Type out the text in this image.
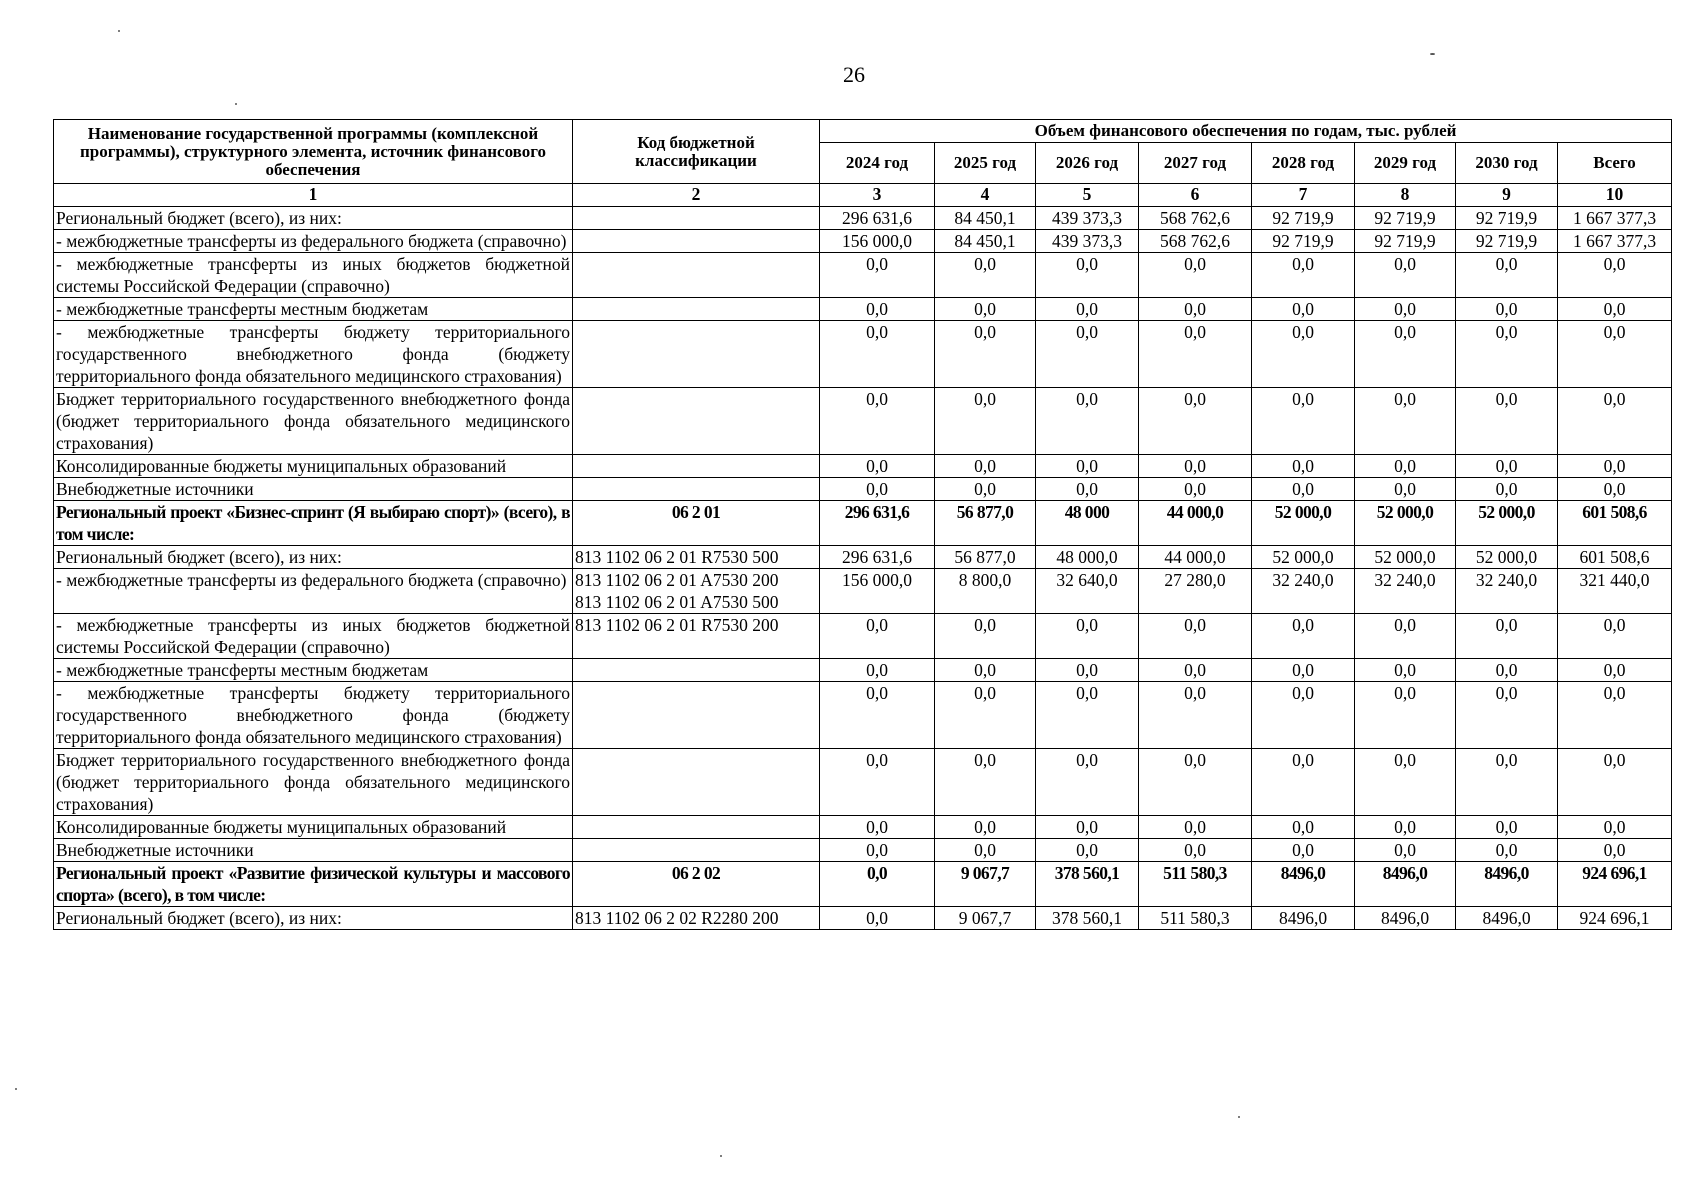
26
Наименование государственной программы (комплексной программы), структурного элемента, источник финансового обеспечения	Код бюджетной классификации	Объем финансового обеспечения по годам, тыс. рублей							
		2024 год	2025 год	2026 год	2027 год	2028 год	2029 год	2030 год	Всего
1	2	3	4	5	6	7	8	9	10
Региональный бюджет (всего), из них:		296 631,6	84 450,1	439 373,3	568 762,6	92 719,9	92 719,9	92 719,9	1 667 377,3
- межбюджетные трансферты из федерального бюджета (справочно)		156 000,0	84 450,1	439 373,3	568 762,6	92 719,9	92 719,9	92 719,9	1 667 377,3
- межбюджетные трансферты из иных бюджетов бюджетной системы Российской Федерации (справочно)		0,0	0,0	0,0	0,0	0,0	0,0	0,0	0,0
- межбюджетные трансферты местным бюджетам		0,0	0,0	0,0	0,0	0,0	0,0	0,0	0,0
- межбюджетные трансферты бюджету территориального государственного внебюджетного фонда (бюджету территориального фонда обязательного медицинского страхования)		0,0	0,0	0,0	0,0	0,0	0,0	0,0	0,0
Бюджет территориального государственного внебюджетного фонда (бюджет территориального фонда обязательного медицинского страхования)		0,0	0,0	0,0	0,0	0,0	0,0	0,0	0,0
Консолидированные бюджеты муниципальных образований		0,0	0,0	0,0	0,0	0,0	0,0	0,0	0,0
Внебюджетные источники		0,0	0,0	0,0	0,0	0,0	0,0	0,0	0,0
Региональный проект «Бизнес-спринт (Я выбираю спорт)» (всего), в том числе:	06 2 01	296 631,6	56 877,0	48 000	44 000,0	52 000,0	52 000,0	52 000,0	601 508,6
Региональный бюджет (всего), из них:	813 1102 06 2 01 R7530 500	296 631,6	56 877,0	48 000,0	44 000,0	52 000,0	52 000,0	52 000,0	601 508,6
- межбюджетные трансферты из федерального бюджета (справочно)	813 1102 06 2 01 A7530 200
813 1102 06 2 01 A7530 500	156 000,0	8 800,0	32 640,0	27 280,0	32 240,0	32 240,0	32 240,0	321 440,0
- межбюджетные трансферты из иных бюджетов бюджетной системы Российской Федерации (справочно)	813 1102 06 2 01 R7530 200	0,0	0,0	0,0	0,0	0,0	0,0	0,0	0,0
- межбюджетные трансферты местным бюджетам		0,0	0,0	0,0	0,0	0,0	0,0	0,0	0,0
- межбюджетные трансферты бюджету территориального государственного внебюджетного фонда (бюджету территориального фонда обязательного медицинского страхования)		0,0	0,0	0,0	0,0	0,0	0,0	0,0	0,0
Бюджет территориального государственного внебюджетного фонда (бюджет территориального фонда обязательного медицинского страхования)		0,0	0,0	0,0	0,0	0,0	0,0	0,0	0,0
Консолидированные бюджеты муниципальных образований		0,0	0,0	0,0	0,0	0,0	0,0	0,0	0,0
Внебюджетные источники		0,0	0,0	0,0	0,0	0,0	0,0	0,0	0,0
Региональный проект «Развитие физической культуры и массового спорта» (всего), в том числе:	06 2 02	0,0	9 067,7	378 560,1	511 580,3	8496,0	8496,0	8496,0	924 696,1
Региональный бюджет (всего), из них:	813 1102 06 2 02 R2280 200	0,0	9 067,7	378 560,1	511 580,3	8496,0	8496,0	8496,0	924 696,1
